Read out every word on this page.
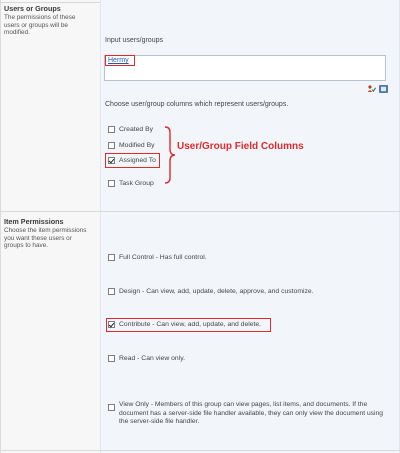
Users or Groups
The permissions of these users or groups will be modified.
Input users/groups
Hermy
Choose user/group columns which represent users/groups.
Created By
Modified By
Assigned To
Task Group
User/Group Field Columns
Item Permissions
Choose the item permissions you want these users or groups to have.
Full Control - Has full control.
Design - Can view, add, update, delete, approve, and customize.
Contribute - Can view, add, update, and delete.
Read - Can view only.
View Only - Members of this group can view pages, list items, and documents. If the document has a server-side file handler available, they can only view the document using the server-side file handler.
